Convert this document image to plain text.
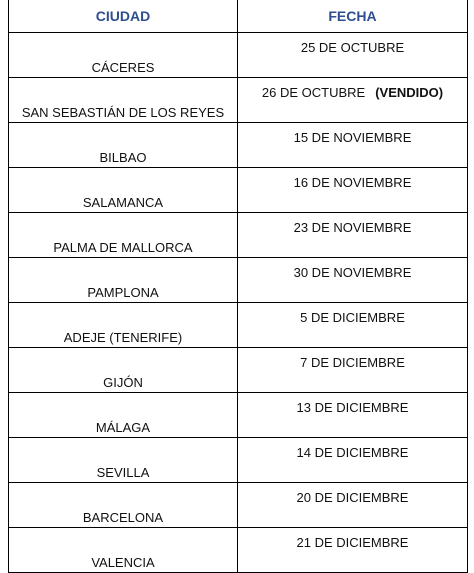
CIUDAD	FECHA
CÁCERES	25 DE OCTUBRE
SAN SEBASTIÁN DE LOS REYES	26 DE OCTUBRE (VENDIDO)
BILBAO	15 DE NOVIEMBRE
SALAMANCA	16 DE NOVIEMBRE
PALMA DE MALLORCA	23 DE NOVIEMBRE
PAMPLONA	30 DE NOVIEMBRE
ADEJE (TENERIFE)	5 DE DICIEMBRE
GIJÓN	7 DE DICIEMBRE
MÁLAGA	13 DE DICIEMBRE
SEVILLA	14 DE DICIEMBRE
BARCELONA	20 DE DICIEMBRE
VALENCIA	21 DE DICIEMBRE
